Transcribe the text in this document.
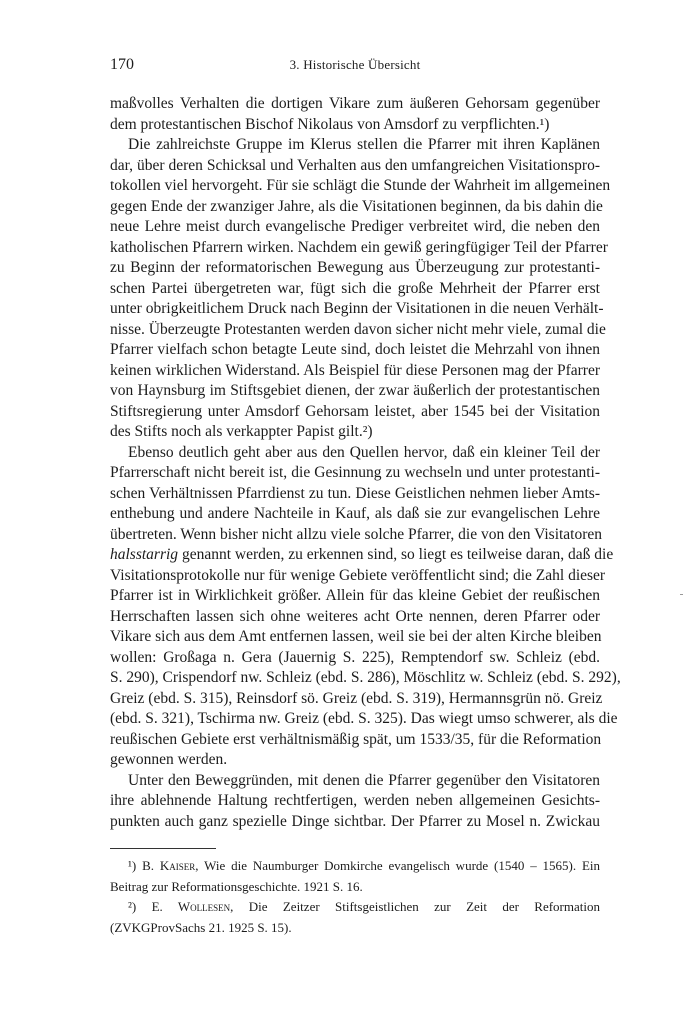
170	3. Historische Übersicht
maßvolles Verhalten die dortigen Vikare zum äußeren Gehorsam gegenüber
dem protestantischen Bischof Nikolaus von Amsdorf zu verpflichten.¹)
Die zahlreichste Gruppe im Klerus stellen die Pfarrer mit ihren Kaplänen
dar, über deren Schicksal und Verhalten aus den umfangreichen Visitationspro-
tokollen viel hervorgeht. Für sie schlägt die Stunde der Wahrheit im allgemeinen
gegen Ende der zwanziger Jahre, als die Visitationen beginnen, da bis dahin die
neue Lehre meist durch evangelische Prediger verbreitet wird, die neben den
katholischen Pfarrern wirken. Nachdem ein gewiß geringfügiger Teil der Pfarrer
zu Beginn der reformatorischen Bewegung aus Überzeugung zur protestanti-
schen Partei übergetreten war, fügt sich die große Mehrheit der Pfarrer erst
unter obrigkeitlichem Druck nach Beginn der Visitationen in die neuen Verhält-
nisse. Überzeugte Protestanten werden davon sicher nicht mehr viele, zumal die
Pfarrer vielfach schon betagte Leute sind, doch leistet die Mehrzahl von ihnen
keinen wirklichen Widerstand. Als Beispiel für diese Personen mag der Pfarrer
von Haynsburg im Stiftsgebiet dienen, der zwar äußerlich der protestantischen
Stiftsregierung unter Amsdorf Gehorsam leistet, aber 1545 bei der Visitation
des Stifts noch als verkappter Papist gilt.²)
Ebenso deutlich geht aber aus den Quellen hervor, daß ein kleiner Teil der
Pfarrerschaft nicht bereit ist, die Gesinnung zu wechseln und unter protestanti-
schen Verhältnissen Pfarrdienst zu tun. Diese Geistlichen nehmen lieber Amts-
enthebung und andere Nachteile in Kauf, als daß sie zur evangelischen Lehre
übertreten. Wenn bisher nicht allzu viele solche Pfarrer, die von den Visitatoren
halsstarrig genannt werden, zu erkennen sind, so liegt es teilweise daran, daß die
Visitationsprotokolle nur für wenige Gebiete veröffentlicht sind; die Zahl dieser
Pfarrer ist in Wirklichkeit größer. Allein für das kleine Gebiet der reußischen
Herrschaften lassen sich ohne weiteres acht Orte nennen, deren Pfarrer oder
Vikare sich aus dem Amt entfernen lassen, weil sie bei der alten Kirche bleiben
wollen: Großaga n. Gera (Jauernig S. 225), Remptendorf sw. Schleiz (ebd.
S. 290), Crispendorf nw. Schleiz (ebd. S. 286), Möschlitz w. Schleiz (ebd. S. 292),
Greiz (ebd. S. 315), Reinsdorf sö. Greiz (ebd. S. 319), Hermannsgrün nö. Greiz
(ebd. S. 321), Tschirma nw. Greiz (ebd. S. 325). Das wiegt umso schwerer, als die
reußischen Gebiete erst verhältnismäßig spät, um 1533/35, für die Reformation
gewonnen werden.
Unter den Beweggründen, mit denen die Pfarrer gegenüber den Visitatoren
ihre ablehnende Haltung rechtfertigen, werden neben allgemeinen Gesichts-
punkten auch ganz spezielle Dinge sichtbar. Der Pfarrer zu Mosel n. Zwickau
¹) B. Kaiser, Wie die Naumburger Domkirche evangelisch wurde (1540 – 1565). Ein
Beitrag zur Reformationsgeschichte. 1921 S. 16.
²) E. Wollesen, Die Zeitzer Stiftsgeistlichen zur Zeit der Reformation
(ZVKGProvSachs 21. 1925 S. 15).
